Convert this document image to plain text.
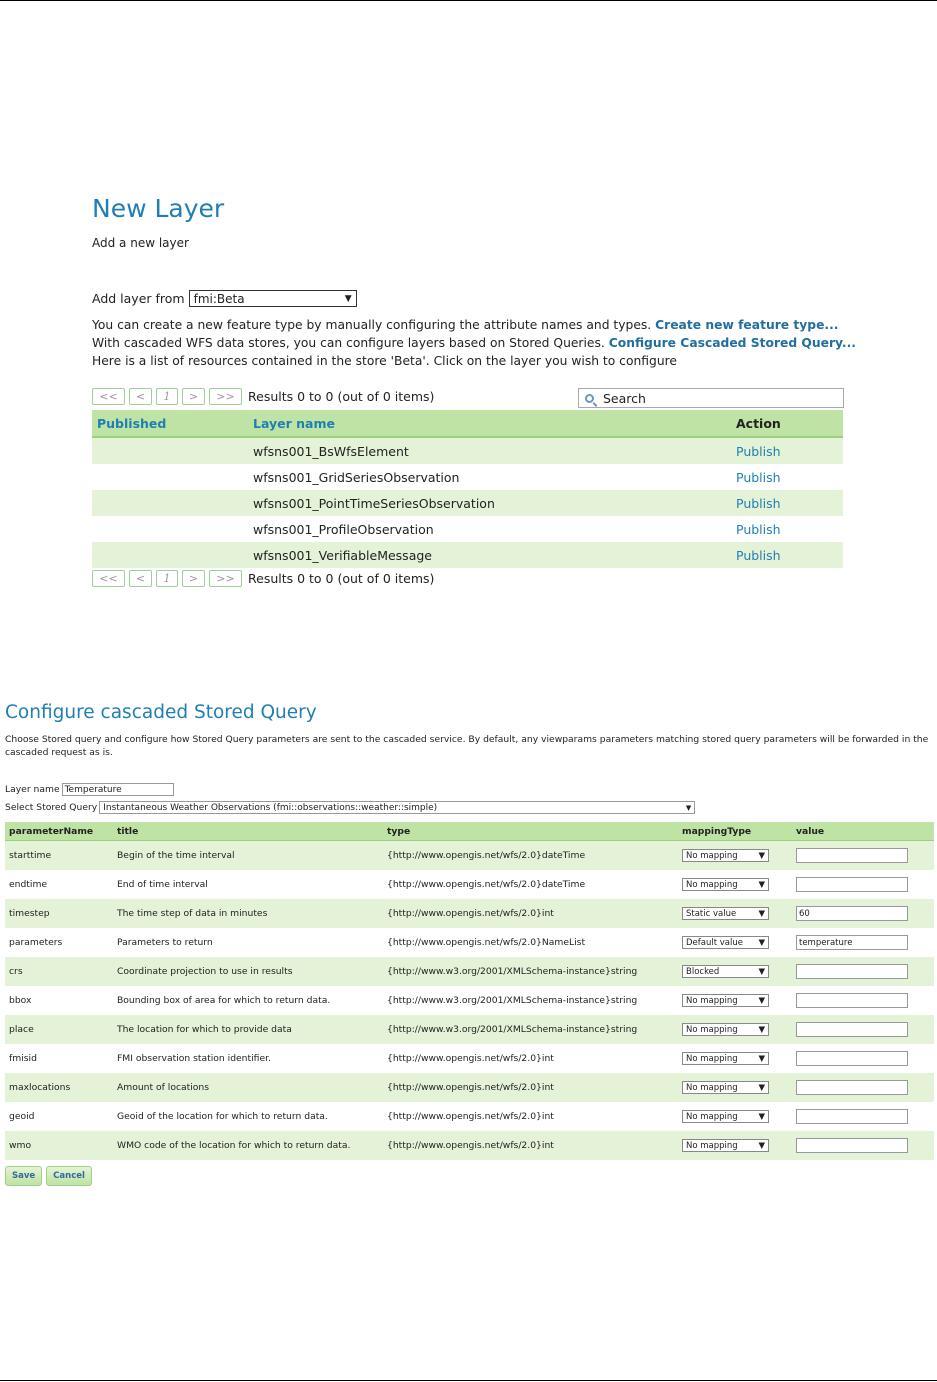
New Layer
Add a new layer
Add layer from fmi:Beta	▼
You can create a new feature type by manually configuring the attribute names and types. Create new feature type...
With cascaded WFS data stores, you can configure layers based on Stored Queries. Configure Cascaded Stored Query...
Here is a list of resources contained in the store 'Beta'. Click on the layer you wish to configure
<<	<	1	>	>>	Results 0 to 0 (out of 0 items)	Search
Published	Layer name	Action
	wfsns001_BsWfsElement	Publish
	wfsns001_GridSeriesObservation	Publish
	wfsns001_PointTimeSeriesObservation	Publish
	wfsns001_ProfileObservation	Publish
	wfsns001_VerifiableMessage	Publish
<<	<	1	>	>>	Results 0 to 0 (out of 0 items)
Configure cascaded Stored Query
Choose Stored query and configure how Stored Query parameters are sent to the cascaded service. By default, any viewparams parameters matching stored query parameters will be forwarded in the cascaded request as is.
Layer name Temperature
Select Stored Query Instantaneous Weather Observations (fmi::observations::weather::simple)	▼
parameterName	title	type	mappingType	value
starttime	Begin of the time interval	{http://www.opengis.net/wfs/2.0}dateTime	No mapping ▼	

endtime	End of time interval	{http://www.opengis.net/wfs/2.0}dateTime	No mapping ▼	

timestep	The time step of data in minutes	{http://www.opengis.net/wfs/2.0}int	Static value ▼	60

parameters	Parameters to return	{http://www.opengis.net/wfs/2.0}NameList	Default value ▼	temperature

crs	Coordinate projection to use in results	{http://www.w3.org/2001/XMLSchema-instance}string	Blocked ▼	

bbox	Bounding box of area for which to return data.	{http://www.w3.org/2001/XMLSchema-instance}string	No mapping ▼	

place	The location for which to provide data	{http://www.w3.org/2001/XMLSchema-instance}string	No mapping ▼	

fmisid	FMI observation station identifier.	{http://www.opengis.net/wfs/2.0}int	No mapping ▼	

maxlocations	Amount of locations	{http://www.opengis.net/wfs/2.0}int	No mapping ▼	

geoid	Geoid of the location for which to return data.	{http://www.opengis.net/wfs/2.0}int	No mapping ▼	

wmo	WMO code of the location for which to return data.	{http://www.opengis.net/wfs/2.0}int	No mapping ▼	

Save	Cancel
